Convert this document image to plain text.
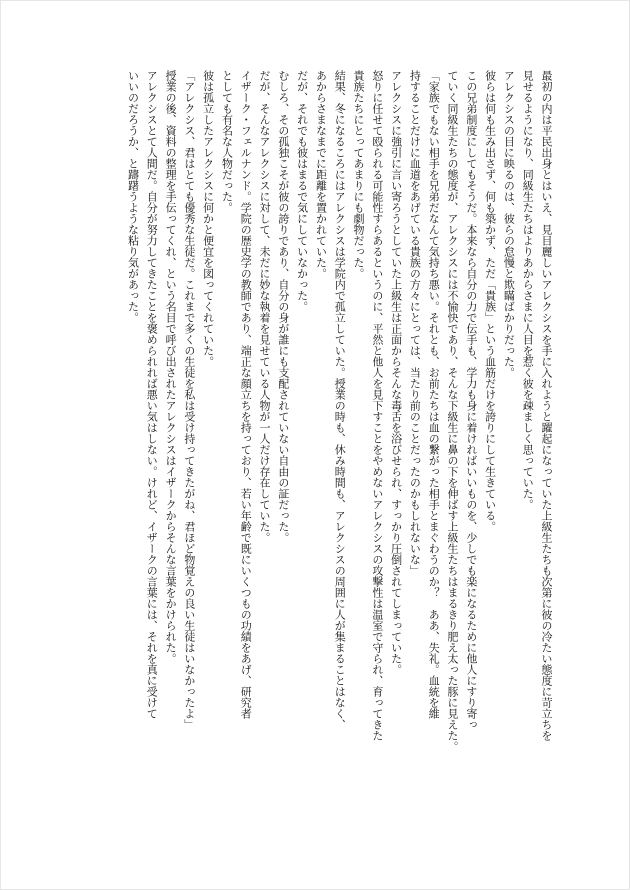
最初の内は平民出身とはいえ、見目麗しいアレクシスを手に入れようと躍起になっていた上級生たちも次第に彼の冷たい態度に苛立ちを
見せるようになり、同級生たちはよりあからさまに人目を惹く彼を疎ましく思っていた。
アレクシスの目に映るのは、彼らの怠慢と欺瞞ばかりだった。
彼らは何も生み出さず、何も築かず、ただ「貴族」という血筋だけを誇りにして生きている。
この兄弟制度にしてもそうだ。本来なら自分の力で伝手も、学力も身に着ければいいものを、少しでも楽になるために他人にすり寄っ
ていく同級生たちの態度が、アレクシスには不愉快であり、そんな下級生に鼻の下を伸ばす上級生たちはまるきり肥え太った豚に見えた。
「家族でもない相手を兄弟だなんて気持ち悪い。それとも、お前たちは血の繋がった相手とまぐわうのか？　ああ、失礼。血統を維
持することだけに血道をあげている貴族の方々にとっては、当たり前のことだったのかもしれないな」
アレクシスに強引に言い寄ろうとしていた上級生は正面からそんな毒舌を浴びせられ、すっかり圧倒されてしまっていた。
怒りに任せて殴られる可能性すらあるというのに、平然と他人を見下すことをやめないアレクシスの攻撃性は温室で守られ、育ってきた
貴族たちにとってあまりにも劇物だった。
結果、冬になるころにはアレクシスは学院内で孤立していた。授業の時も、休み時間も、アレクシスの周囲に人が集まることはなく、
あからさまなまでに距離を置かれていた。
だが、それでも彼はまるで気にしていなかった。
むしろ、その孤独こそが彼の誇りであり、自分の身が誰にも支配されていない自由の証だった。
だが、そんなアレクシスに対して、未だに妙な執着を見せている人物が一人だけ存在していた。
イザーク・フェルナンド。学院の歴史学の教師であり、端正な顔立ちを持っており、若い年齢で既にいくつもの功績をあげ、研究者
としても有名な人物だった。
彼は孤立したアレクシスに何かと便宜を図ってくれていた。
「アレクシス、君はとても優秀な生徒だ。これまで多くの生徒を私は受け持ってきたがね、君ほど物覚えの良い生徒はいなかったよ」
授業の後、資料の整理を手伝ってくれ、という名目で呼び出されたアレクシスはイザークからそんな言葉をかけられた。
アレクシスとて人間だ。自分が努力してきたことを褒められれば悪い気はしない。けれど、イザークの言葉には、それを真に受けて
いいのだろうか、と躊躇うような粘り気があった。
